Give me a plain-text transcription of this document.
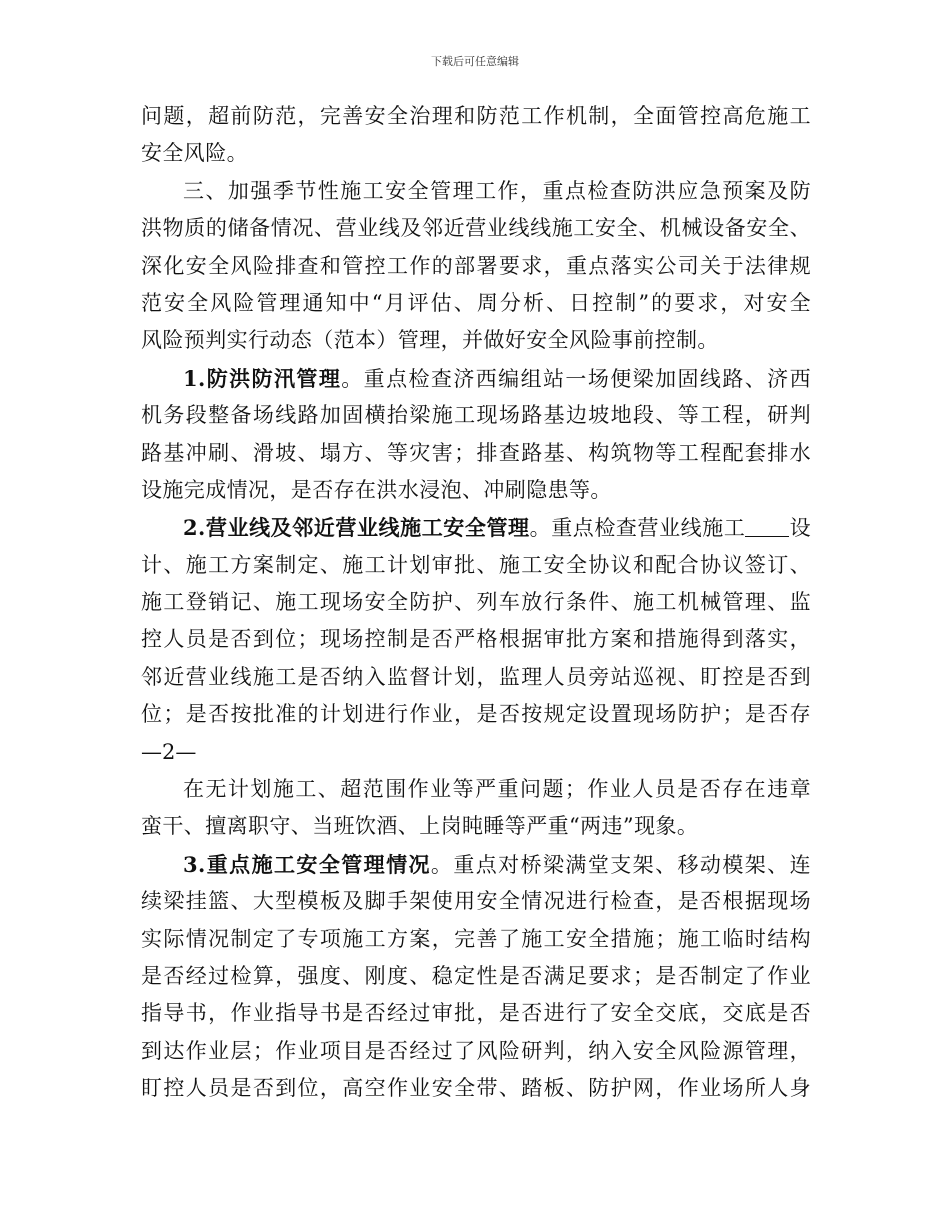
下载后可任意编辑
问题，超前防范，完善安全治理和防范工作机制，全面管控高危施工
安全风险。
三、加强季节性施工安全管理工作，重点检查防洪应急预案及防
洪物质的储备情况、营业线及邻近营业线线施工安全、机械设备安全、
深化安全风险排查和管控工作的部署要求，重点落实公司关于法律规
范安全风险管理通知中“月评估、周分析、日控制”的要求，对安全
风险预判实行动态（范本）管理，并做好安全风险事前控制。
1.防洪防汛管理。重点检查济西编组站一场便梁加固线路、济西
机务段整备场线路加固横抬梁施工现场路基边坡地段、等工程，研判
路基冲刷、滑坡、塌方、等灾害；排查路基、构筑物等工程配套排水
设施完成情况，是否存在洪水浸泡、冲刷隐患等。
2.营业线及邻近营业线施工安全管理。重点检查营业线施工 设
计、施工方案制定、施工计划审批、施工安全协议和配合协议签订、
施工登销记、施工现场安全防护、列车放行条件、施工机械管理、监
控人员是否到位；现场控制是否严格根据审批方案和措施得到落实，
邻近营业线施工是否纳入监督计划，监理人员旁站巡视、盯控是否到
位；是否按批准的计划进行作业，是否按规定设置现场防护；是否存
—2—
在无计划施工、超范围作业等严重问题；作业人员是否存在违章
蛮干、擅离职守、当班饮酒、上岗盹睡等严重“两违”现象。
3.重点施工安全管理情况。重点对桥梁满堂支架、移动模架、连
续梁挂篮、大型模板及脚手架使用安全情况进行检查，是否根据现场
实际情况制定了专项施工方案，完善了施工安全措施；施工临时结构
是否经过检算，强度、刚度、稳定性是否满足要求；是否制定了作业
指导书，作业指导书是否经过审批，是否进行了安全交底，交底是否
到达作业层；作业项目是否经过了风险研判，纳入安全风险源管理，
盯控人员是否到位，高空作业安全带、踏板、防护网，作业场所人身
